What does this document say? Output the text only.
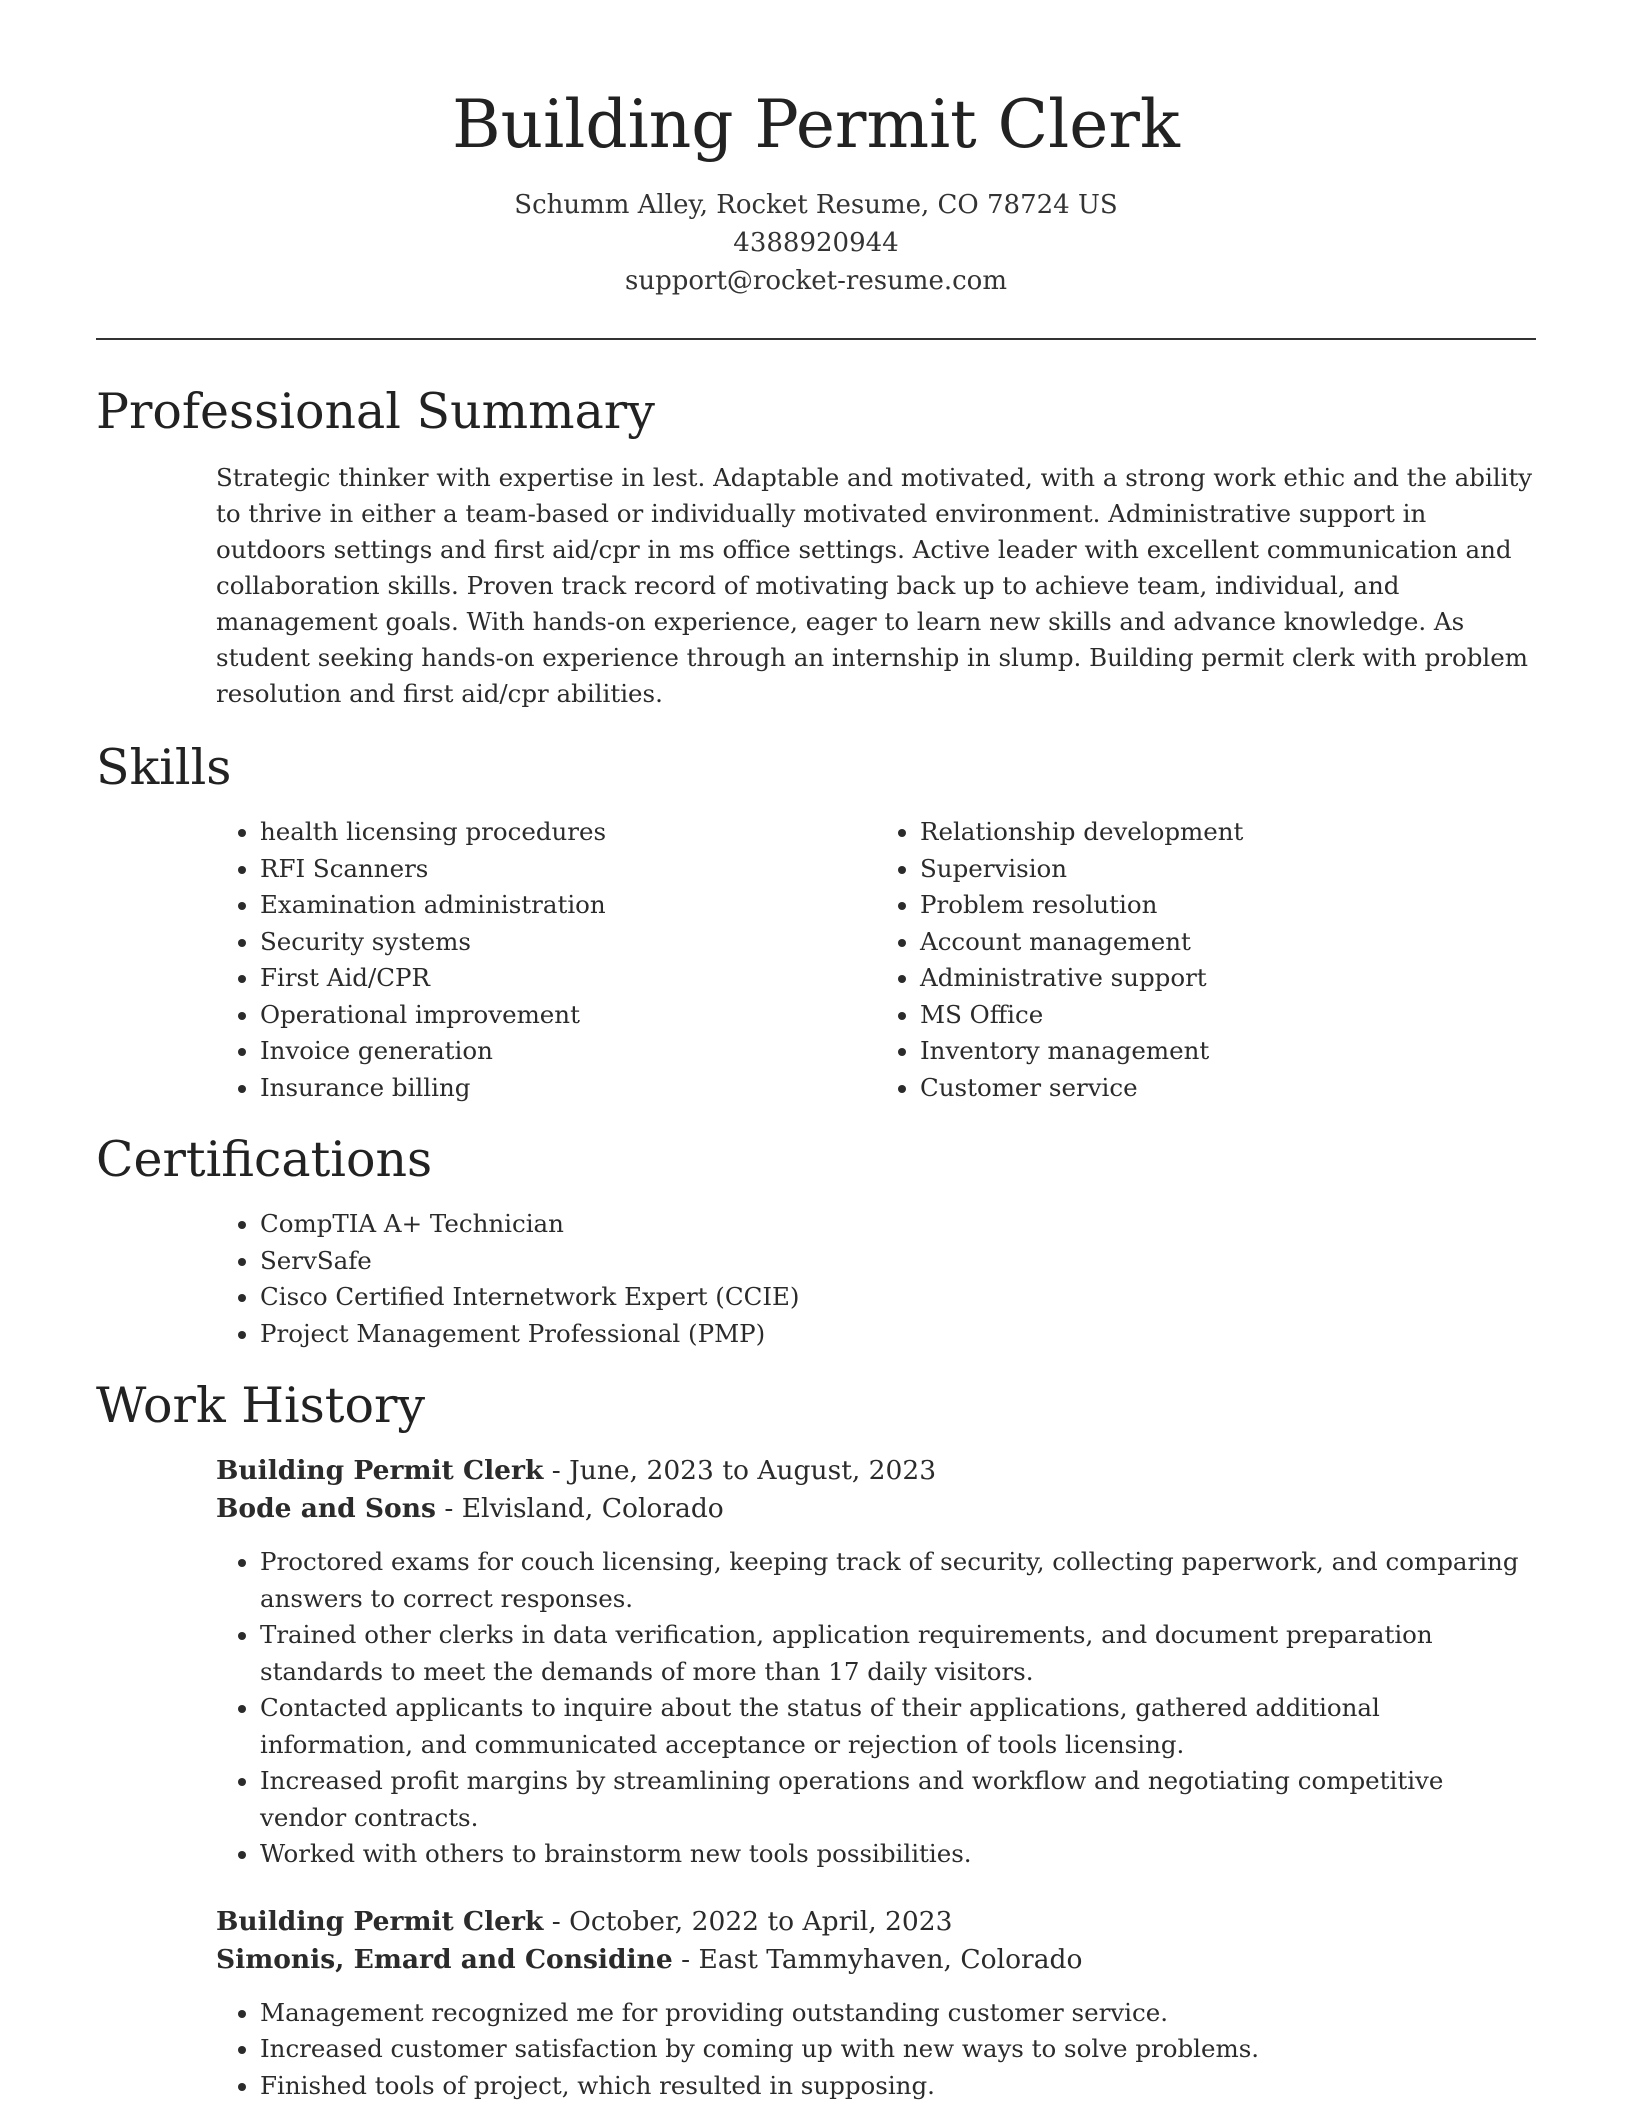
Building Permit Clerk
Schumm Alley, Rocket Resume, CO 78724 US
4388920944
support@rocket-resume.com
Professional Summary
Strategic thinker with expertise in lest. Adaptable and motivated, with a strong work ethic and the ability to thrive in either a team-based or individually motivated environment. Administrative support in outdoors settings and first aid/cpr in ms office settings. Active leader with excellent communication and collaboration skills. Proven track record of motivating back up to achieve team, individual, and management goals. With hands-on experience, eager to learn new skills and advance knowledge. As student seeking hands-on experience through an internship in slump. Building permit clerk with problem resolution and first aid/cpr abilities.
Skills
• health licensing procedures
• RFI Scanners
• Examination administration
• Security systems
• First Aid/CPR
• Operational improvement
• Invoice generation
• Insurance billing
• Relationship development
• Supervision
• Problem resolution
• Account management
• Administrative support
• MS Office
• Inventory management
• Customer service
Certifications
• CompTIA A+ Technician
• ServSafe
• Cisco Certified Internetwork Expert (CCIE)
• Project Management Professional (PMP)
Work History
Building Permit Clerk - June, 2023 to August, 2023
Bode and Sons - Elvisland, Colorado
• Proctored exams for couch licensing, keeping track of security, collecting paperwork, and comparing answers to correct responses.
• Trained other clerks in data verification, application requirements, and document preparation standards to meet the demands of more than 17 daily visitors.
• Contacted applicants to inquire about the status of their applications, gathered additional information, and communicated acceptance or rejection of tools licensing.
• Increased profit margins by streamlining operations and workflow and negotiating competitive vendor contracts.
• Worked with others to brainstorm new tools possibilities.
Building Permit Clerk - October, 2022 to April, 2023
Simonis, Emard and Considine - East Tammyhaven, Colorado
• Management recognized me for providing outstanding customer service.
• Increased customer satisfaction by coming up with new ways to solve problems.
• Finished tools of project, which resulted in supposing.
